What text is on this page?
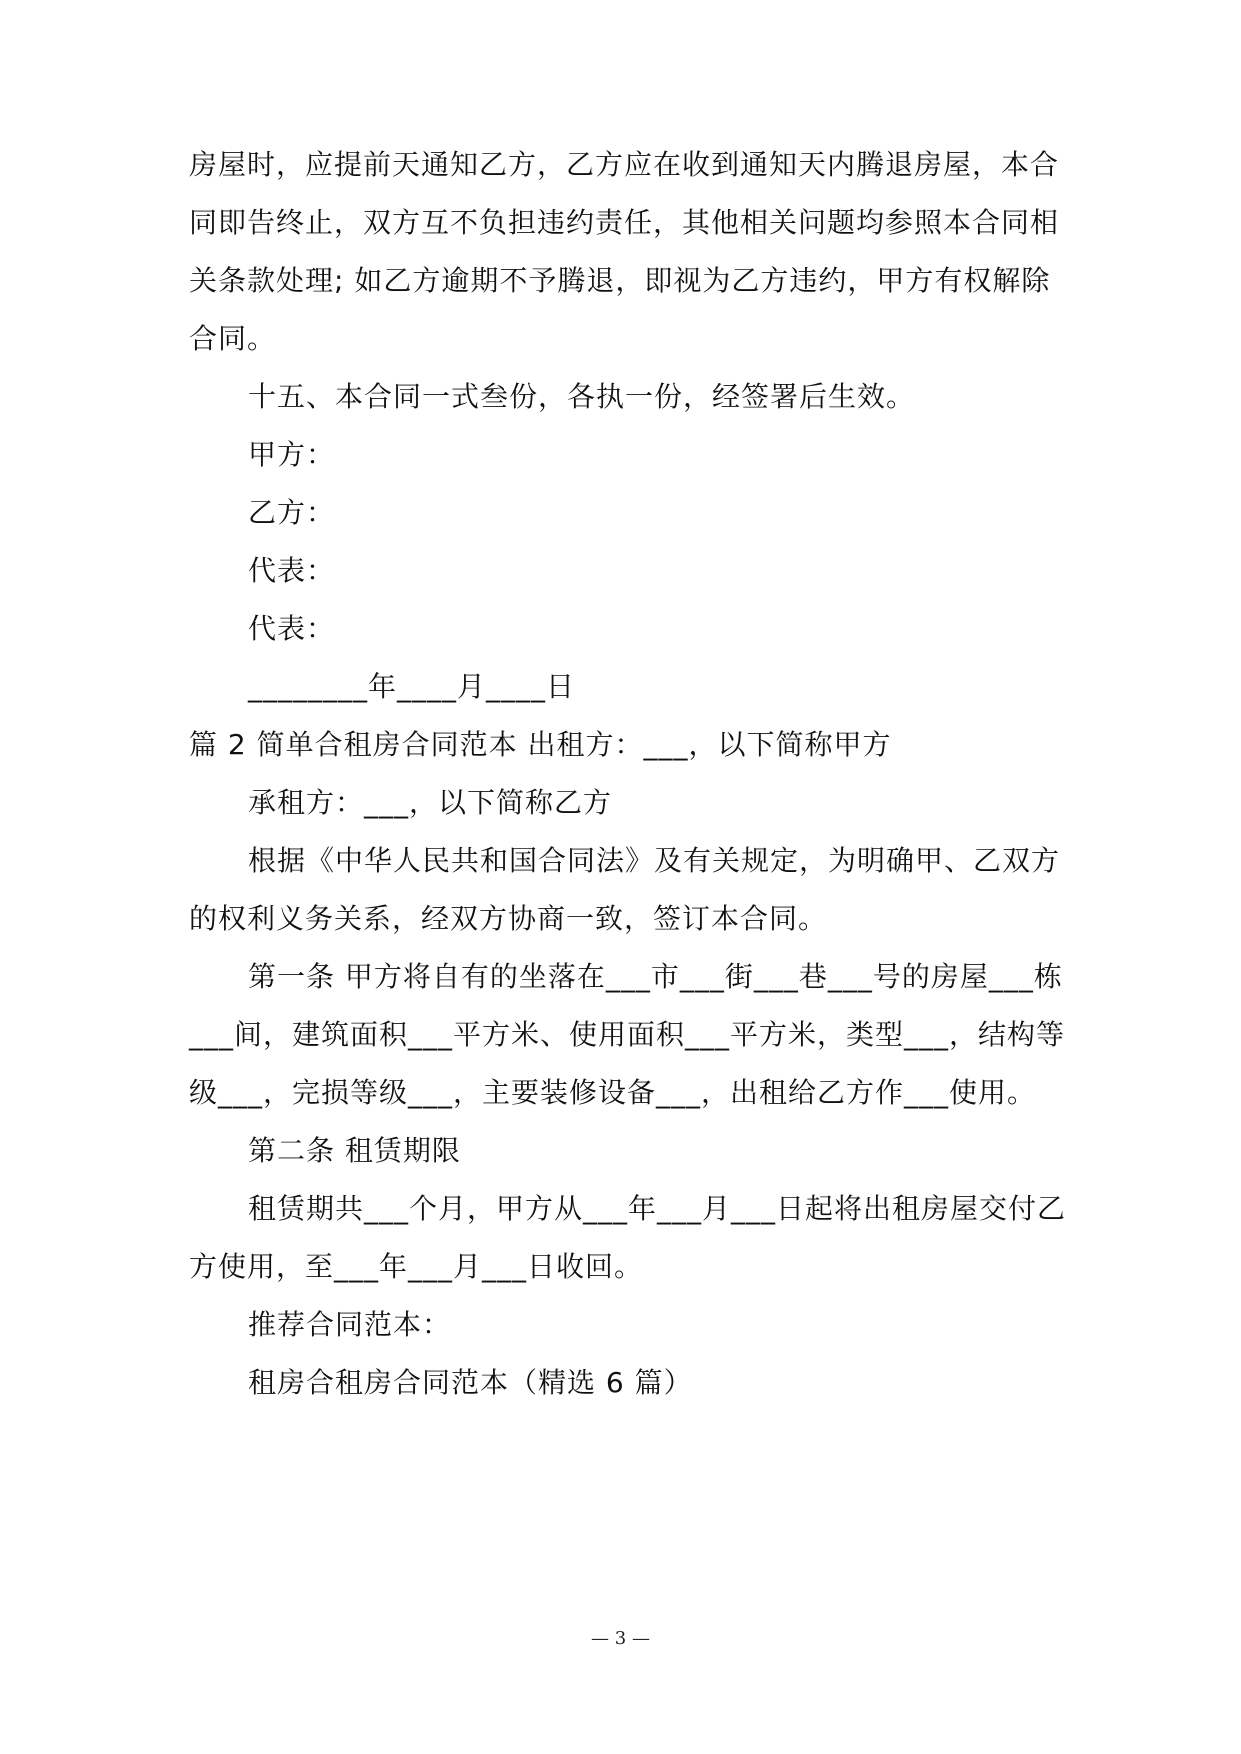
房屋时，应提前天通知乙方，乙方应在收到通知天内腾退房屋，本合
同即告终止，双方互不负担违约责任，其他相关问题均参照本合同相
关条款处理; 如乙方逾期不予腾退，即视为乙方违约，甲方有权解除
合同。
十五、本合同一式叁份，各执一份，经签署后生效。
甲方：
乙方：
代表：
代表：
________年____月____日
篇 2 简单合租房合同范本 出租方：___，以下简称甲方
承租方：___，以下简称乙方
根据《中华人民共和国合同法》及有关规定，为明确甲、乙双方
的权利义务关系，经双方协商一致，签订本合同。
第一条 甲方将自有的坐落在___市___街___巷___号的房屋___栋
___间，建筑面积___平方米、使用面积___平方米，类型___，结构等
级___，完损等级___，主要装修设备___，出租给乙方作___使用。
第二条 租赁期限
租赁期共___个月，甲方从___年___月___日起将出租房屋交付乙
方使用，至___年___月___日收回。
推荐合同范本：
租房合租房合同范本（精选 6 篇）
— 3 —
